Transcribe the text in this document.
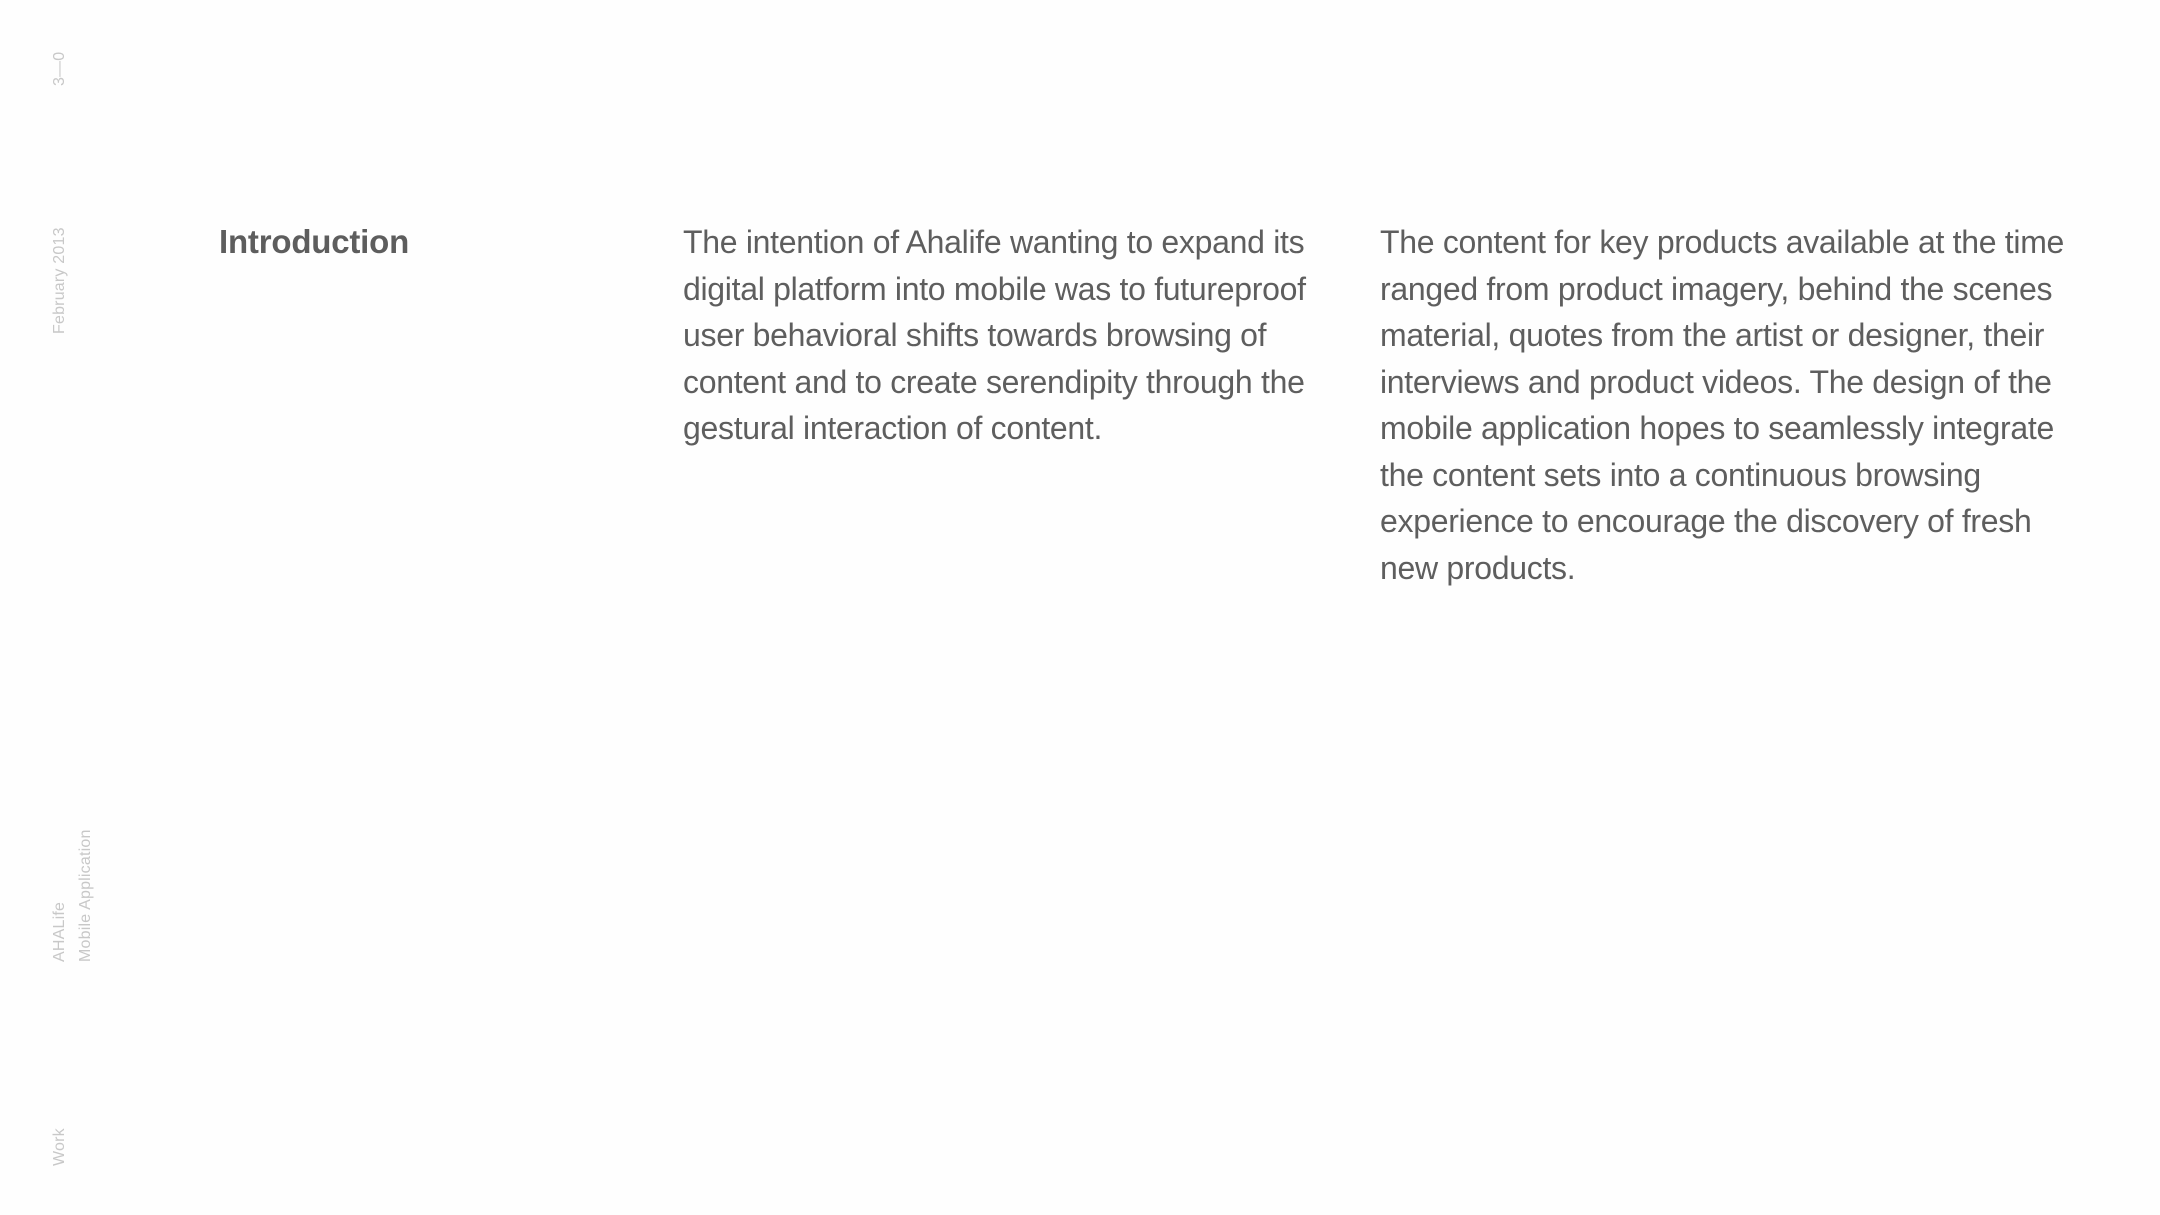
3—0
February 2013
AHALife Mobile Application
Work
Introduction	The intention of Ahalife wanting to expand its digital platform into mobile was to futureproof user behavioral shifts towards browsing of content and to create serendipity through the gestural interaction of content.

The content for key products available at the time ranged from product imagery, behind the scenes material, quotes from the artist or designer, their interviews and product videos. The design of the mobile application hopes to seamlessly integrate the content sets into a continuous browsing experience to encourage the discovery of fresh new products.
